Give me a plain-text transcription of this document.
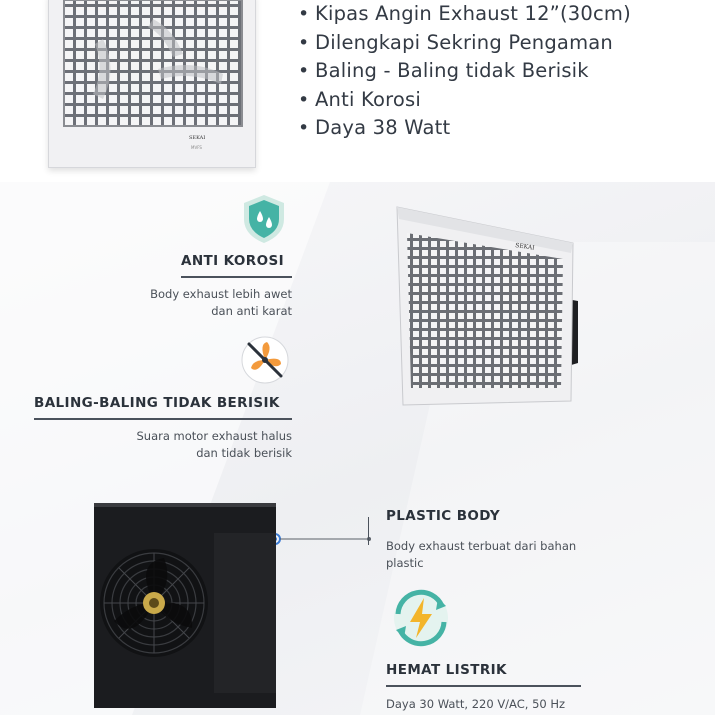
SEKAI
MVFS
• Kipas Angin Exhaust 12”(30cm)
• Dilengkapi Sekring Pengaman
• Baling - Baling tidak Berisik
• Anti Korosi
• Daya 38 Watt
ANTI KOROSI
Body exhaust lebih awet
dan anti karat
BALING-BALING TIDAK BERISIK
Suara motor exhaust halus
dan tidak berisik
SEKAI
PLASTIC BODY
Body exhaust terbuat dari bahan
plastic
HEMAT LISTRIK
Daya 30 Watt, 220 V/AC, 50 Hz
